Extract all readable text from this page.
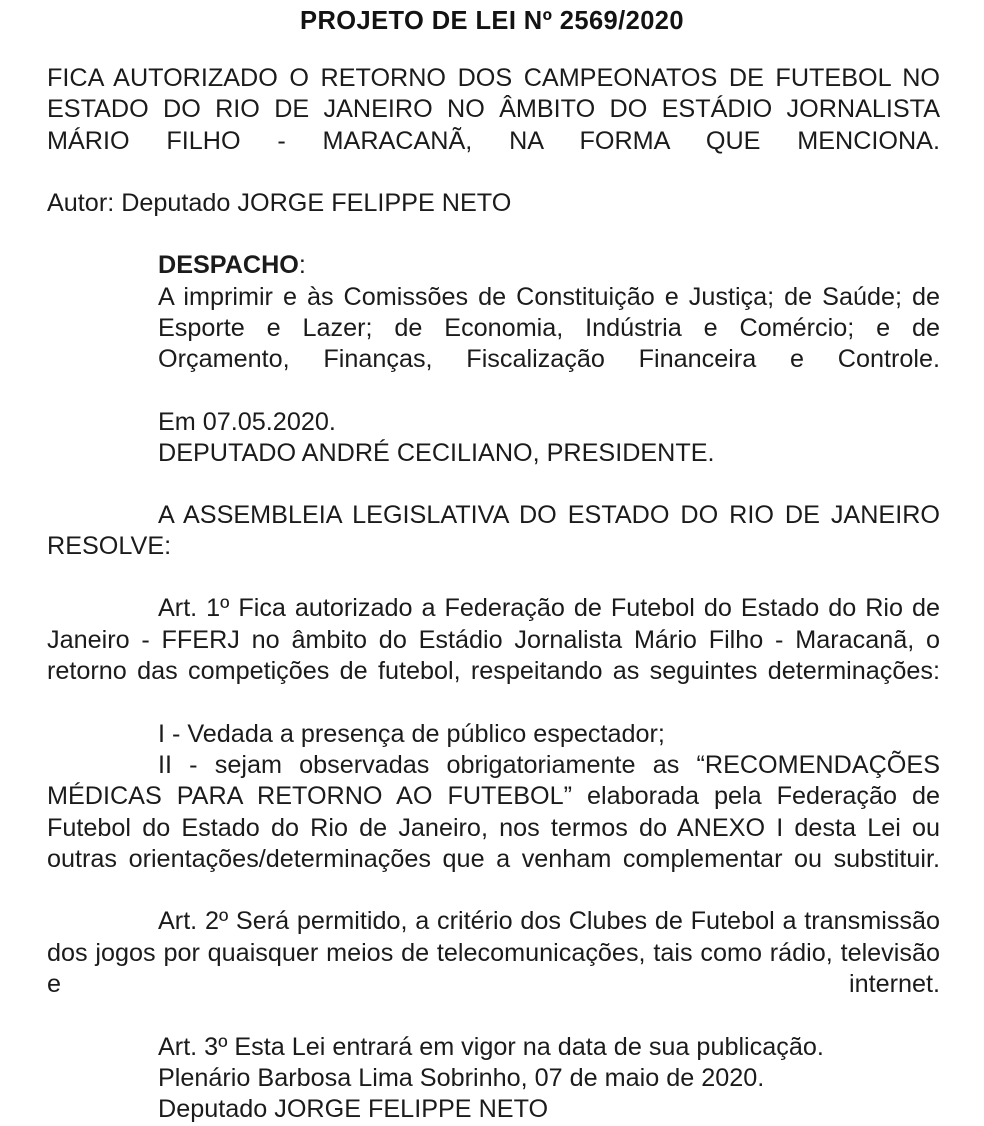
PROJETO DE LEI Nº 2569/2020

FICA AUTORIZADO O RETORNO DOS CAMPEONATOS DE FUTEBOL NO ESTADO DO RIO DE JANEIRO NO ÂMBITO DO ESTÁDIO JORNALISTA MÁRIO FILHO - MARACANÃ, NA FORMA QUE MENCIONA.

Autor: Deputado JORGE FELIPPE NETO

DESPACHO:

A imprimir e às Comissões de Constituição e Justiça; de Saúde; de Esporte e Lazer; de Economia, Indústria e Comércio; e de Orçamento, Finanças, Fiscalização Financeira e Controle.

Em 07.05.2020.

DEPUTADO ANDRÉ CECILIANO, PRESIDENTE.

A ASSEMBLEIA LEGISLATIVA DO ESTADO DO RIO DE JANEIRO RESOLVE:

Art. 1º Fica autorizado a Federação de Futebol do Estado do Rio de Janeiro - FFERJ no âmbito do Estádio Jornalista Mário Filho - Maracanã, o retorno das competições de futebol, respeitando as seguintes determinações:

I - Vedada a presença de público espectador;

II - sejam observadas obrigatoriamente as “RECOMENDAÇÕES MÉDICAS PARA RETORNO AO FUTEBOL” elaborada pela Federação de Futebol do Estado do Rio de Janeiro, nos termos do ANEXO I desta Lei ou outras orientações/determinações que a venham complementar ou substituir.

Art. 2º Será permitido, a critério dos Clubes de Futebol a transmissão dos jogos por quaisquer meios de telecomunicações, tais como rádio, televisão e internet.

Art. 3º Esta Lei entrará em vigor na data de sua publicação.

Plenário Barbosa Lima Sobrinho, 07 de maio de 2020.

Deputado JORGE FELIPPE NETO
